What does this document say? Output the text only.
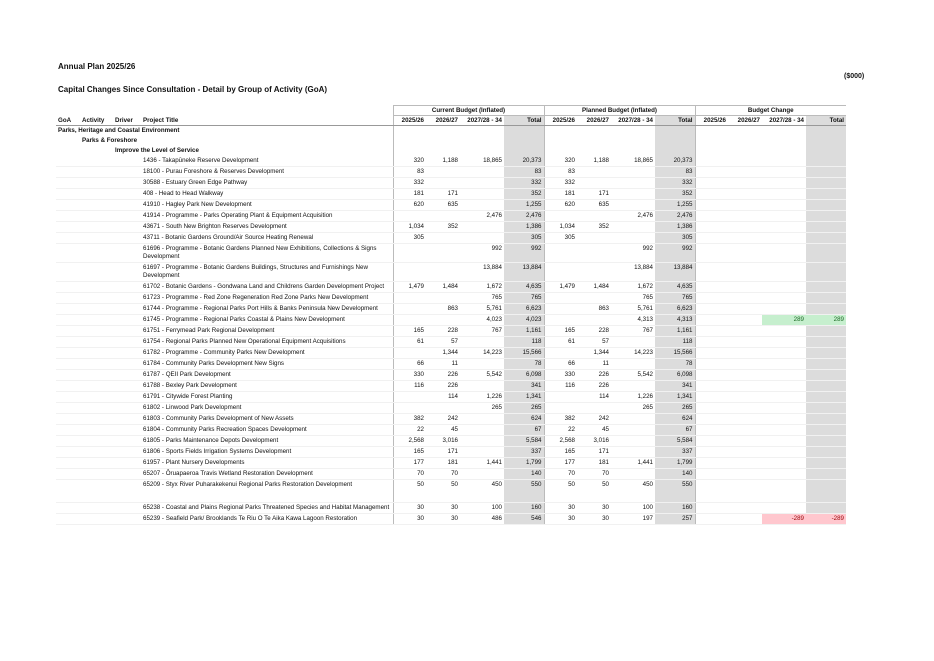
Annual Plan 2025/26
($000)
Capital Changes Since Consultation - Detail by Group of Activity (GoA)
				Current Budget (Inflated)				Planned Budget (Inflated)				Budget Change			
GoA	Activity	Driver	Project Title	2025/26	2026/27	2027/28 - 34	Total	2025/26	2026/27	2027/28 - 34	Total	2025/26	2026/27	2027/28 - 34	Total
Parks, Heritage and Coastal Environment															
	Parks & Foreshore														
		Improve the Level of Service													
			1436 - Takapūneke Reserve Development	320	1,188	18,865	20,373	320	1,188	18,865	20,373				
			18100 - Purau Foreshore & Reserves Development	83			83	83			83				
			30588 - Estuary Green Edge Pathway	332			332	332			332				
			408 - Head to Head Walkway	181	171		352	181	171		352				
			41910 - Hagley Park New Development	620	635		1,255	620	635		1,255				
			41914 - Programme - Parks Operating Plant & Equipment Acquisition			2,476	2,476			2,476	2,476				
			43671 - South New Brighton Reserves Development	1,034	352		1,386	1,034	352		1,386				
			43711 - Botanic Gardens Ground/Air Source Heating Renewal	305			305	305			305				
			61696 - Programme - Botanic Gardens Planned New Exhibitions, Collections & Signs Development			992	992			992	992				
			61697 - Programme - Botanic Gardens Buildings, Structures and Furnishings New Development			13,884	13,884			13,884	13,884				
			61702 - Botanic Gardens - Gondwana Land and Childrens Garden Development Project	1,479	1,484	1,672	4,635	1,479	1,484	1,672	4,635				
			61723 - Programme - Red Zone Regeneration Red Zone Parks New Development			765	765			765	765				
			61744 - Programme - Regional Parks Port Hills & Banks Peninsula New Development		863	5,761	6,623		863	5,761	6,623				
			61745 - Programme - Regional Parks Coastal & Plains New Development			4,023	4,023			4,313	4,313			289	289
			61751 - Ferrymead Park Regional Development	165	228	767	1,161	165	228	767	1,161				
			61754 - Regional Parks Planned New Operational Equipment Acquisitions	61	57		118	61	57		118				
			61782 - Programme - Community Parks New Development		1,344	14,223	15,566		1,344	14,223	15,566				
			61784 - Community Parks Development New Signs	66	11		78	66	11		78				
			61787 - QEII Park Development	330	226	5,542	6,098	330	226	5,542	6,098				
			61788 - Bexley Park Development	116	226		341	116	226		341				
			61791 - Citywide Forest Planting		114	1,226	1,341		114	1,226	1,341				
			61802 - Linwood Park Development			265	265			265	265				
			61803 - Community Parks Development of New Assets	382	242		624	382	242		624				
			61804 - Community Parks Recreation Spaces Development	22	45		67	22	45		67				
			61805 - Parks Maintenance Depots Development	2,568	3,016		5,584	2,568	3,016		5,584				
			61806 - Sports Fields Irrigation Systems Development	165	171		337	165	171		337				
			61957 - Plant Nursery Developments	177	181	1,441	1,799	177	181	1,441	1,799				
			65207 - Ōruapaeroa Travis Wetland Restoration Development	70	70		140	70	70		140				
			65209 - Styx River Puharakekenui Regional Parks Restoration Development	50	50	450	550	50	50	450	550				
			65238 - Coastal and Plains Regional Parks Threatened Species and Habitat Management	30	30	100	160	30	30	100	160				
			65239 - Seafield Park/ Brooklands Te Riu O Te Aika Kawa Lagoon Restoration	30	30	486	546	30	30	197	257			-289	-289
